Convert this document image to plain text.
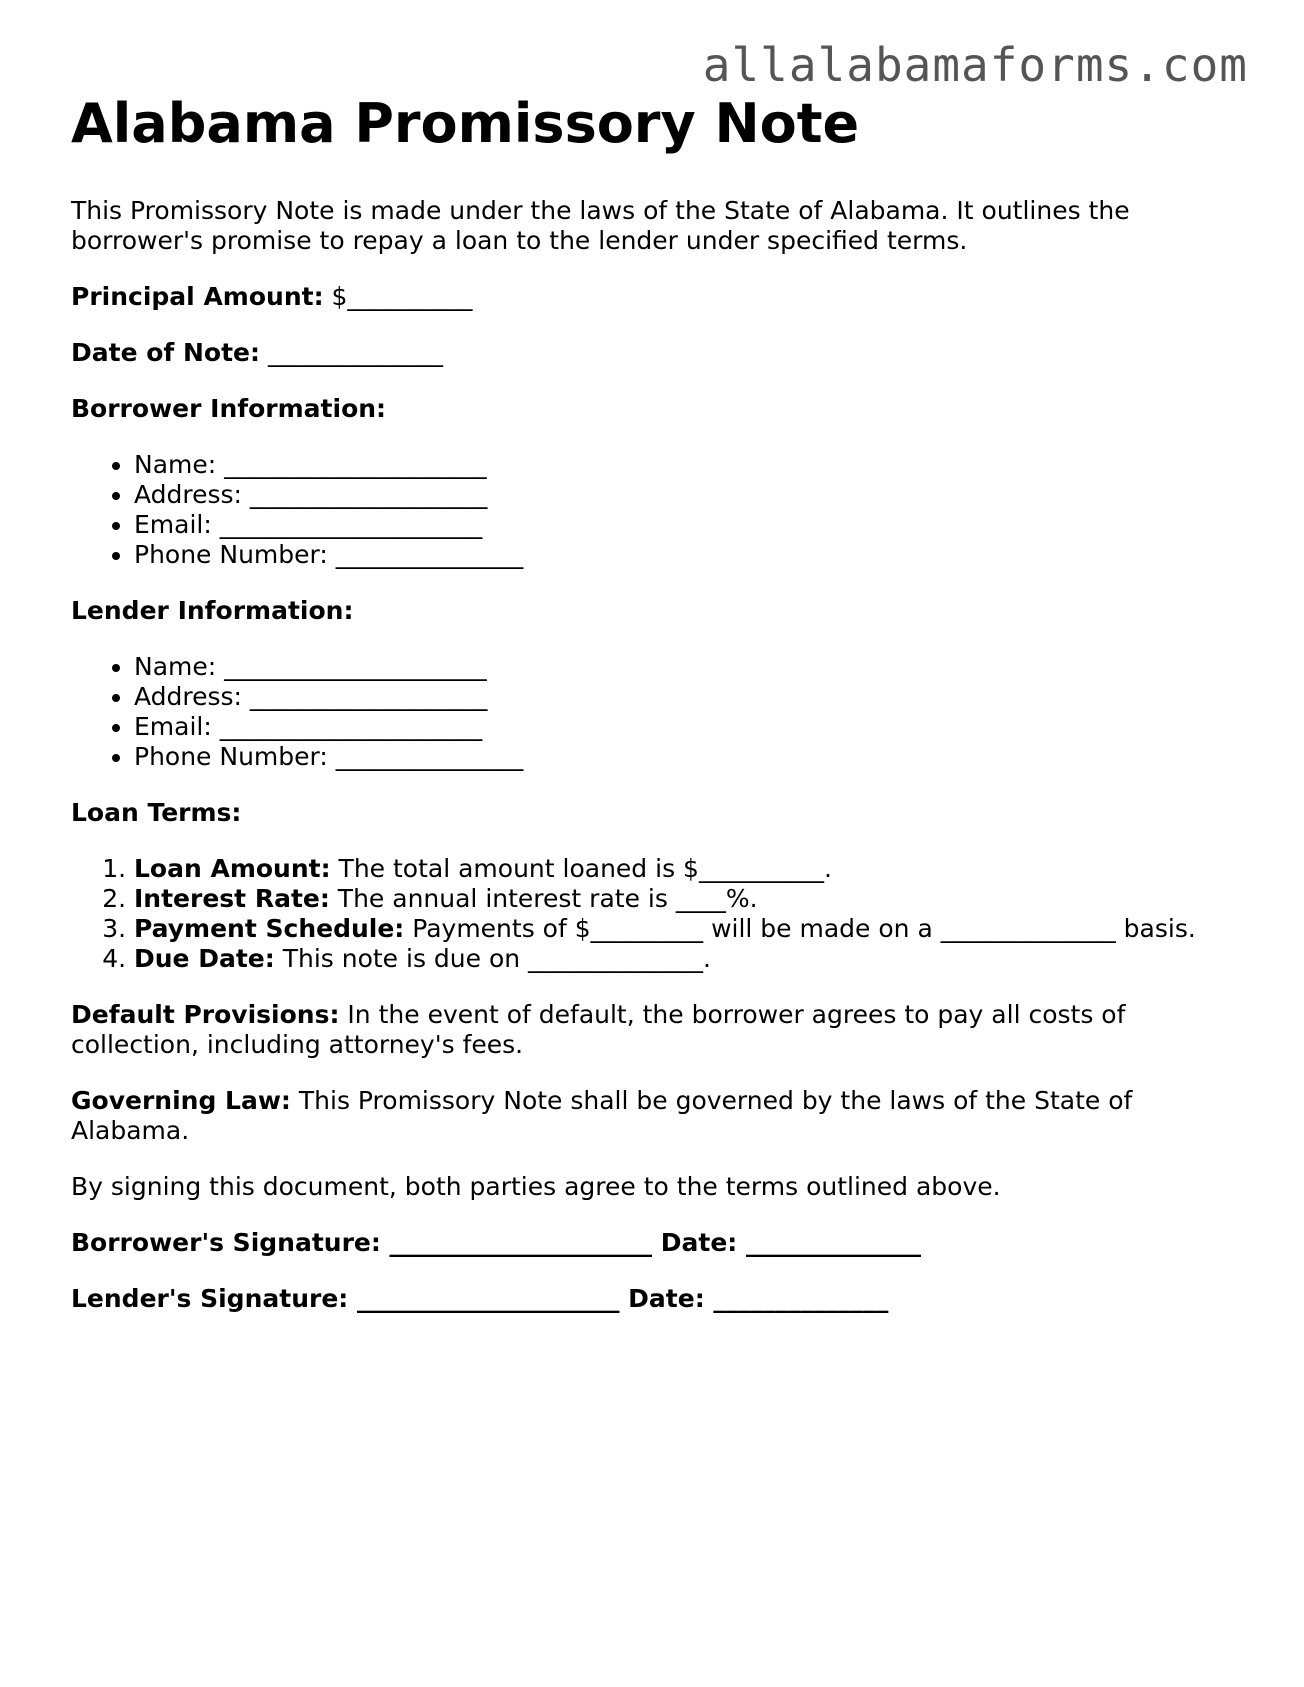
allalabamaforms.com
Alabama Promissory Note

This Promissory Note is made under the laws of the State of Alabama. It outlines the borrower's promise to repay a loan to the lender under specified terms.

Principal Amount: $__________

Date of Note: ______________

Borrower Information:

• Name: _____________________
• Address: ___________________
• Email: _____________________
• Phone Number: _______________

Lender Information:

• Name: _____________________
• Address: ___________________
• Email: _____________________
• Phone Number: _______________

Loan Terms:

1. Loan Amount: The total amount loaned is $__________.
2. Interest Rate: The annual interest rate is ____%.
3. Payment Schedule: Payments of $_________ will be made on a ______________ basis.
4. Due Date: This note is due on ______________.

Default Provisions: In the event of default, the borrower agrees to pay all costs of collection, including attorney's fees.

Governing Law: This Promissory Note shall be governed by the laws of the State of Alabama.

By signing this document, both parties agree to the terms outlined above.

Borrower's Signature: _____________________ Date: ______________

Lender's Signature: _____________________ Date: ______________
